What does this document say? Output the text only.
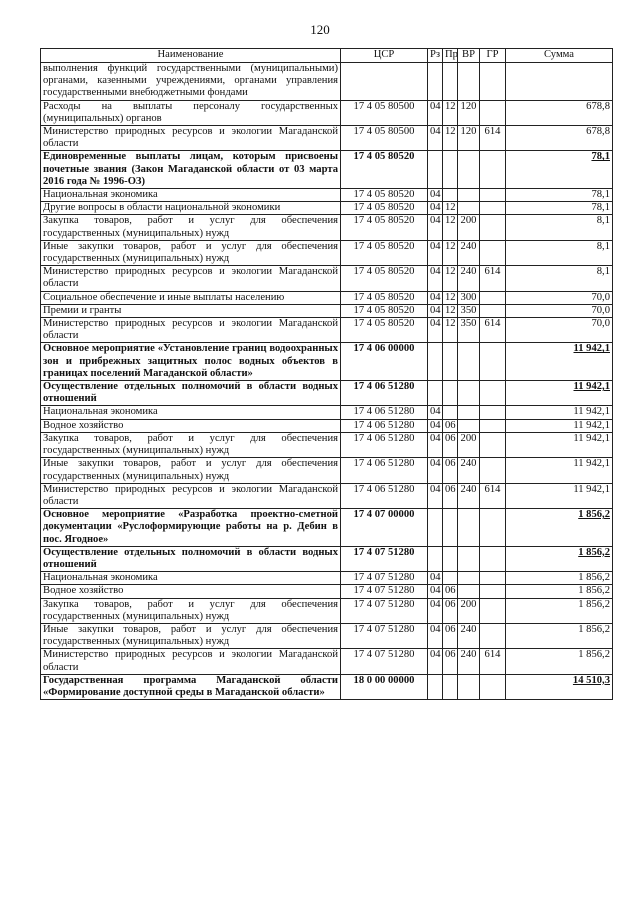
120
Наименование	ЦСР	Рз	Пр	ВР	ГР	Сумма
выполнения функций государственными (муниципальными) органами, казенными учреждениями, органами управления государственными внебюджетными фондами						
Расходы на выплаты персоналу государственных (муниципальных) органов	17 4 05 80500	04	12	120		678,8
Министерство природных ресурсов и экологии Магаданской области	17 4 05 80500	04	12	120	614	678,8
Единовременные выплаты лицам, которым присвоены почетные звания (Закон Магаданской области от 03 марта 2016 года № 1996-ОЗ)	17 4 05 80520					78,1
Национальная экономика	17 4 05 80520	04				78,1
Другие вопросы в области национальной экономики	17 4 05 80520	04	12			78,1
Закупка товаров, работ и услуг для обеспечения государственных (муниципальных) нужд	17 4 05 80520	04	12	200		8,1
Иные закупки товаров, работ и услуг для обеспечения государственных (муниципальных) нужд	17 4 05 80520	04	12	240		8,1
Министерство природных ресурсов и экологии Магаданской области	17 4 05 80520	04	12	240	614	8,1
Социальное обеспечение и иные выплаты населению	17 4 05 80520	04	12	300		70,0
Премии и гранты	17 4 05 80520	04	12	350		70,0
Министерство природных ресурсов и экологии Магаданской области	17 4 05 80520	04	12	350	614	70,0
Основное мероприятие «Установление границ водоохранных зон и прибрежных защитных полос водных объектов в границах поселений Магаданской области»	17 4 06 00000					11 942,1
Осуществление отдельных полномочий в области водных отношений	17 4 06 51280					11 942,1
Национальная экономика	17 4 06 51280	04				11 942,1
Водное хозяйство	17 4 06 51280	04	06			11 942,1
Закупка товаров, работ и услуг для обеспечения государственных (муниципальных) нужд	17 4 06 51280	04	06	200		11 942,1
Иные закупки товаров, работ и услуг для обеспечения государственных (муниципальных) нужд	17 4 06 51280	04	06	240		11 942,1
Министерство природных ресурсов и экологии Магаданской области	17 4 06 51280	04	06	240	614	11 942,1
Основное мероприятие «Разработка проектно-сметной документации «Руслоформирующие работы на р. Дебин в пос. Ягодное»	17 4 07 00000					1 856,2
Осуществление отдельных полномочий в области водных отношений	17 4 07 51280					1 856,2
Национальная экономика	17 4 07 51280	04				1 856,2
Водное хозяйство	17 4 07 51280	04	06			1 856,2
Закупка товаров, работ и услуг для обеспечения государственных (муниципальных) нужд	17 4 07 51280	04	06	200		1 856,2
Иные закупки товаров, работ и услуг для обеспечения государственных (муниципальных) нужд	17 4 07 51280	04	06	240		1 856,2
Министерство природных ресурсов и экологии Магаданской области	17 4 07 51280	04	06	240	614	1 856,2
Государственная программа Магаданской области «Формирование доступной среды в Магаданской области»	18 0 00 00000					14 510,3
